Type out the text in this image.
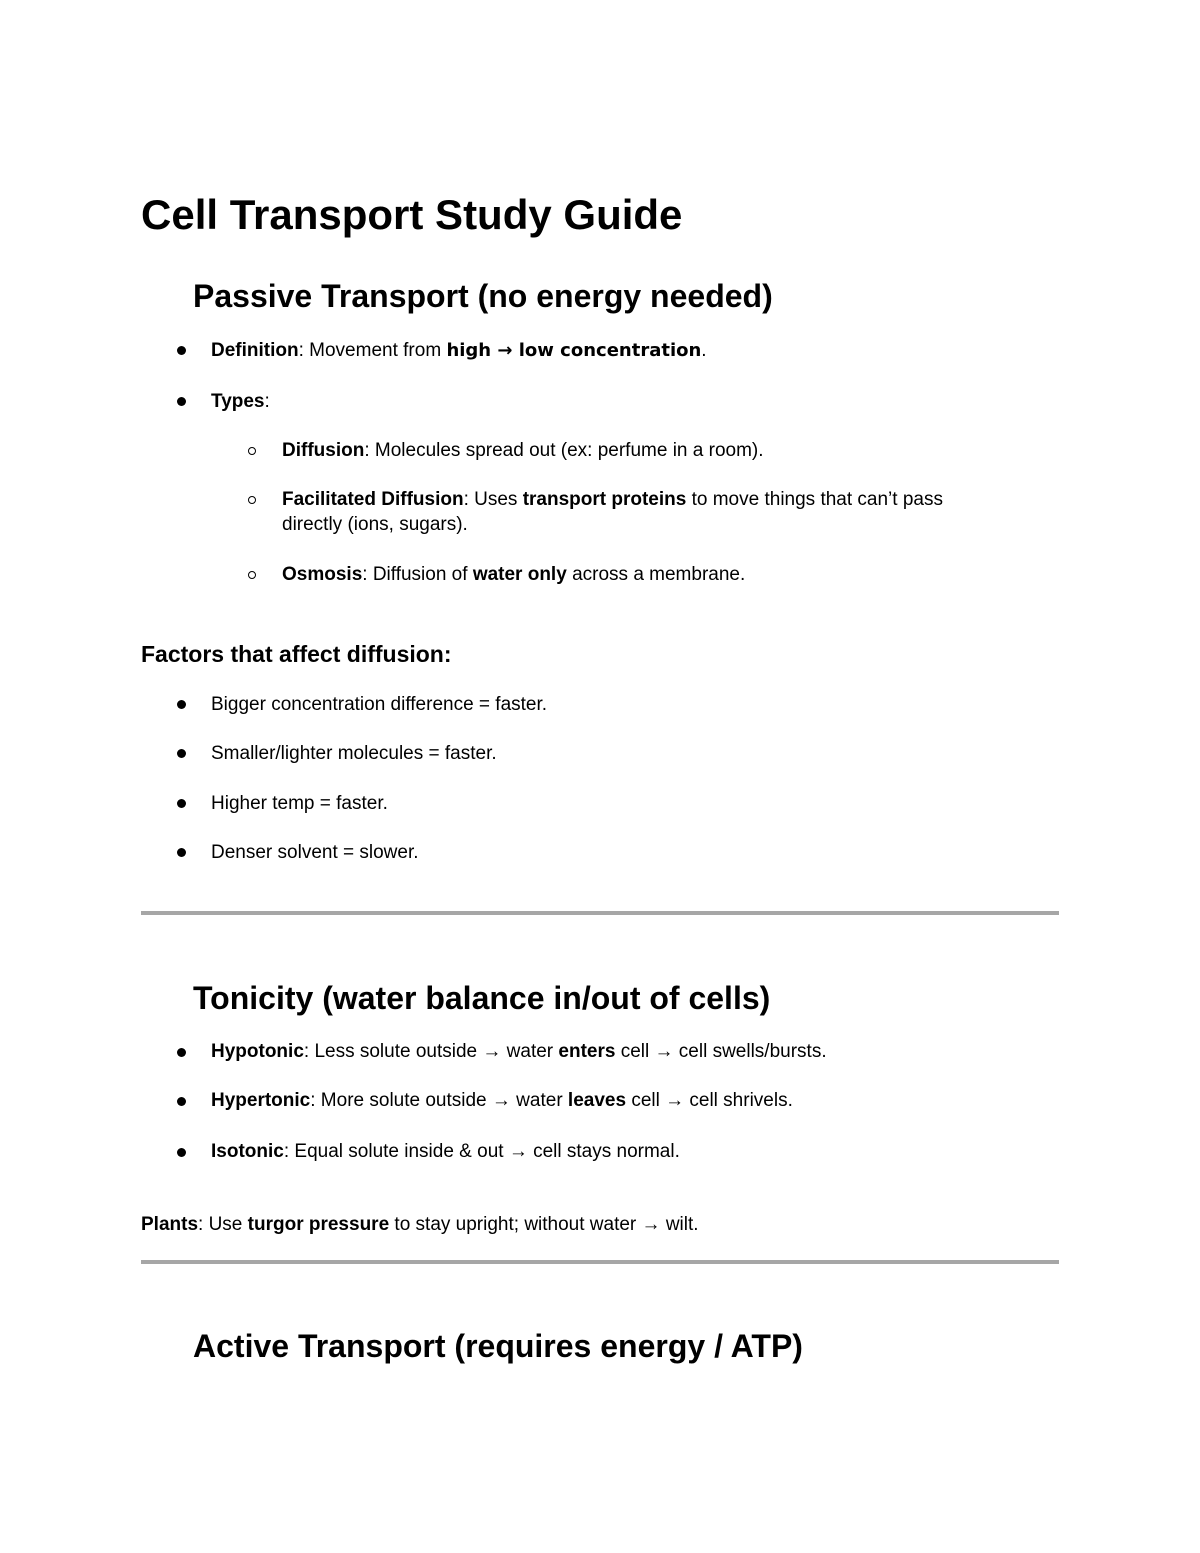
Cell Transport Study Guide
Passive Transport (no energy needed)
Definition: Movement from high → low concentration.
Types:
Diffusion: Molecules spread out (ex: perfume in a room).
Facilitated Diffusion: Uses transport proteins to move things that can’t pass
directly (ions, sugars).
Osmosis: Diffusion of water only across a membrane.
Factors that affect diffusion:
Bigger concentration difference = faster.
Smaller/lighter molecules = faster.
Higher temp = faster.
Denser solvent = slower.
Tonicity (water balance in/out of cells)
Hypotonic: Less solute outside → water enters cell → cell swells/bursts.
Hypertonic: More solute outside → water leaves cell → cell shrivels.
Isotonic: Equal solute inside & out → cell stays normal.
Plants: Use turgor pressure to stay upright; without water → wilt.
Active Transport (requires energy / ATP)
